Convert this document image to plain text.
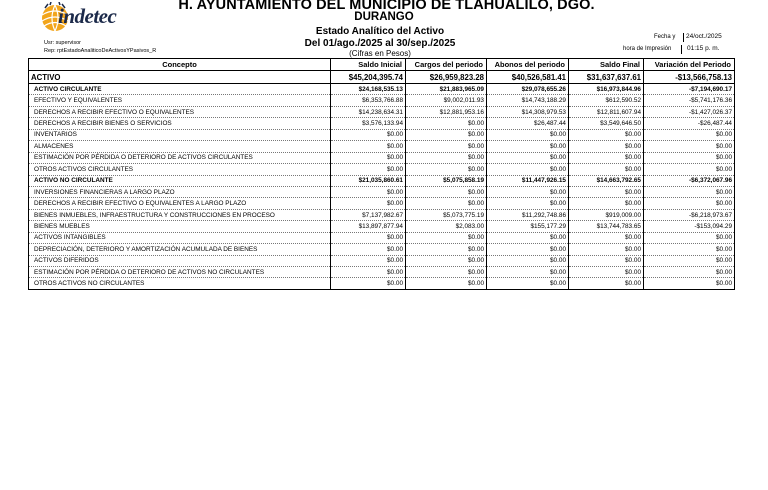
indetec	H. AYUNTAMIENTO DEL MUNICIPIO DE TLAHUALILO, DGO.
DURANGO
Estado Analítico del Activo
Del 01/ago./2025 al 30/sep./2025
(Cifras en Pesos)
Usr: supervisor
Rep: rptEstadoAnaliticoDeActivosYPasivos_R
Fecha y	24/oct./2025
hora de Impresión	01:15 p. m.
Concepto	Saldo Inicial	Cargos del periodo	Abonos del periodo	Saldo Final	Variación del Periodo
ACTIVO	$45,204,395.74	$26,959,823.28	$40,526,581.41	$31,637,637.61	-$13,566,758.13
ACTIVO CIRCULANTE	$24,168,535.13	$21,883,965.09	$29,078,655.26	$16,973,844.96	-$7,194,690.17
EFECTIVO Y EQUIVALENTES	$6,353,766.88	$9,002,011.93	$14,743,188.29	$612,590.52	-$5,741,176.36
DERECHOS A RECIBIR EFECTIVO O EQUIVALENTES	$14,238,634.31	$12,881,953.16	$14,308,979.53	$12,811,607.94	-$1,427,026.37
DERECHOS A RECIBIR BIENES O SERVICIOS	$3,576,133.94	$0.00	$26,487.44	$3,549,646.50	-$26,487.44
INVENTARIOS	$0.00	$0.00	$0.00	$0.00	$0.00
ALMACENES	$0.00	$0.00	$0.00	$0.00	$0.00
ESTIMACIÓN POR PÉRDIDA O DETERIORO DE ACTIVOS CIRCULANTES	$0.00	$0.00	$0.00	$0.00	$0.00
OTROS ACTIVOS CIRCULANTES	$0.00	$0.00	$0.00	$0.00	$0.00
ACTIVO NO CIRCULANTE	$21,035,860.61	$5,075,858.19	$11,447,926.15	$14,663,792.65	-$6,372,067.96
INVERSIONES FINANCIERAS A LARGO PLAZO	$0.00	$0.00	$0.00	$0.00	$0.00
DERECHOS A RECIBIR EFECTIVO O EQUIVALENTES A LARGO PLAZO	$0.00	$0.00	$0.00	$0.00	$0.00
BIENES INMUEBLES, INFRAESTRUCTURA Y CONSTRUCCIONES EN PROCESO	$7,137,982.67	$5,073,775.19	$11,292,748.86	$919,009.00	-$6,218,973.67
BIENES MUEBLES	$13,897,877.94	$2,083.00	$155,177.29	$13,744,783.65	-$153,094.29
ACTIVOS INTANGIBLES	$0.00	$0.00	$0.00	$0.00	$0.00
DEPRECIACIÓN, DETERIORO Y AMORTIZACIÓN ACUMULADA DE BIENES	$0.00	$0.00	$0.00	$0.00	$0.00
ACTIVOS DIFERIDOS	$0.00	$0.00	$0.00	$0.00	$0.00
ESTIMACIÓN POR PÉRDIDA O DETERIORO DE ACTIVOS NO CIRCULANTES	$0.00	$0.00	$0.00	$0.00	$0.00
OTROS ACTIVOS NO CIRCULANTES	$0.00	$0.00	$0.00	$0.00	$0.00
